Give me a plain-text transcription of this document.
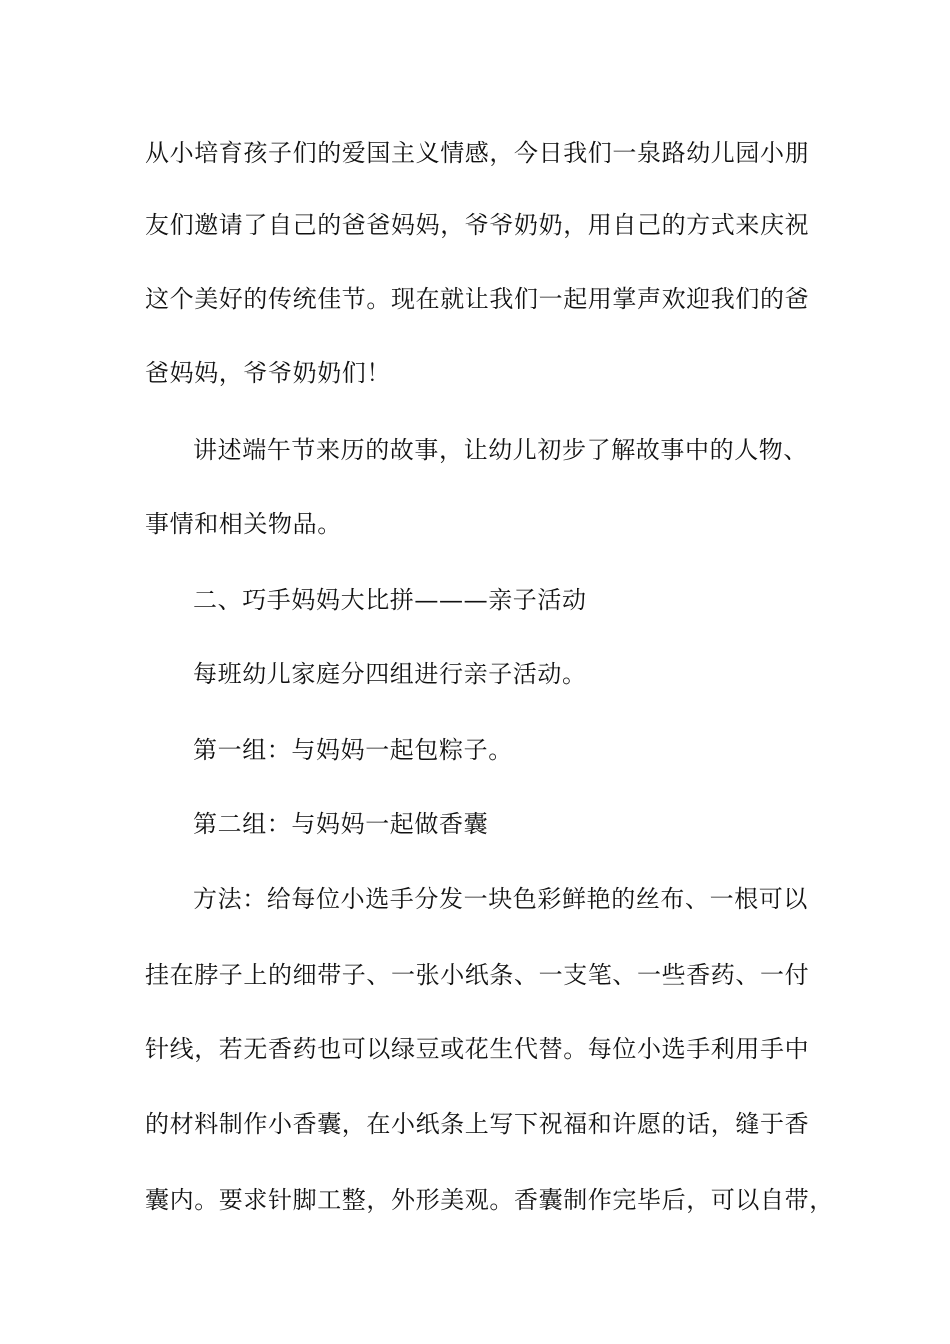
从小培育孩子们的爱国主义情感，今日我们一泉路幼儿园小朋
友们邀请了自己的爸爸妈妈，爷爷奶奶，用自己的方式来庆祝
这个美好的传统佳节。现在就让我们一起用掌声欢迎我们的爸
爸妈妈，爷爷奶奶们！
讲述端午节来历的故事，让幼儿初步了解故事中的人物、
事情和相关物品。
二、巧手妈妈大比拼———亲子活动
每班幼儿家庭分四组进行亲子活动。
第一组：与妈妈一起包粽子。
第二组：与妈妈一起做香囊
方法：给每位小选手分发一块色彩鲜艳的丝布、一根可以
挂在脖子上的细带子、一张小纸条、一支笔、一些香药、一付
针线，若无香药也可以绿豆或花生代替。每位小选手利用手中
的材料制作小香囊，在小纸条上写下祝福和许愿的话，缝于香
囊内。要求针脚工整，外形美观。香囊制作完毕后，可以自带，
